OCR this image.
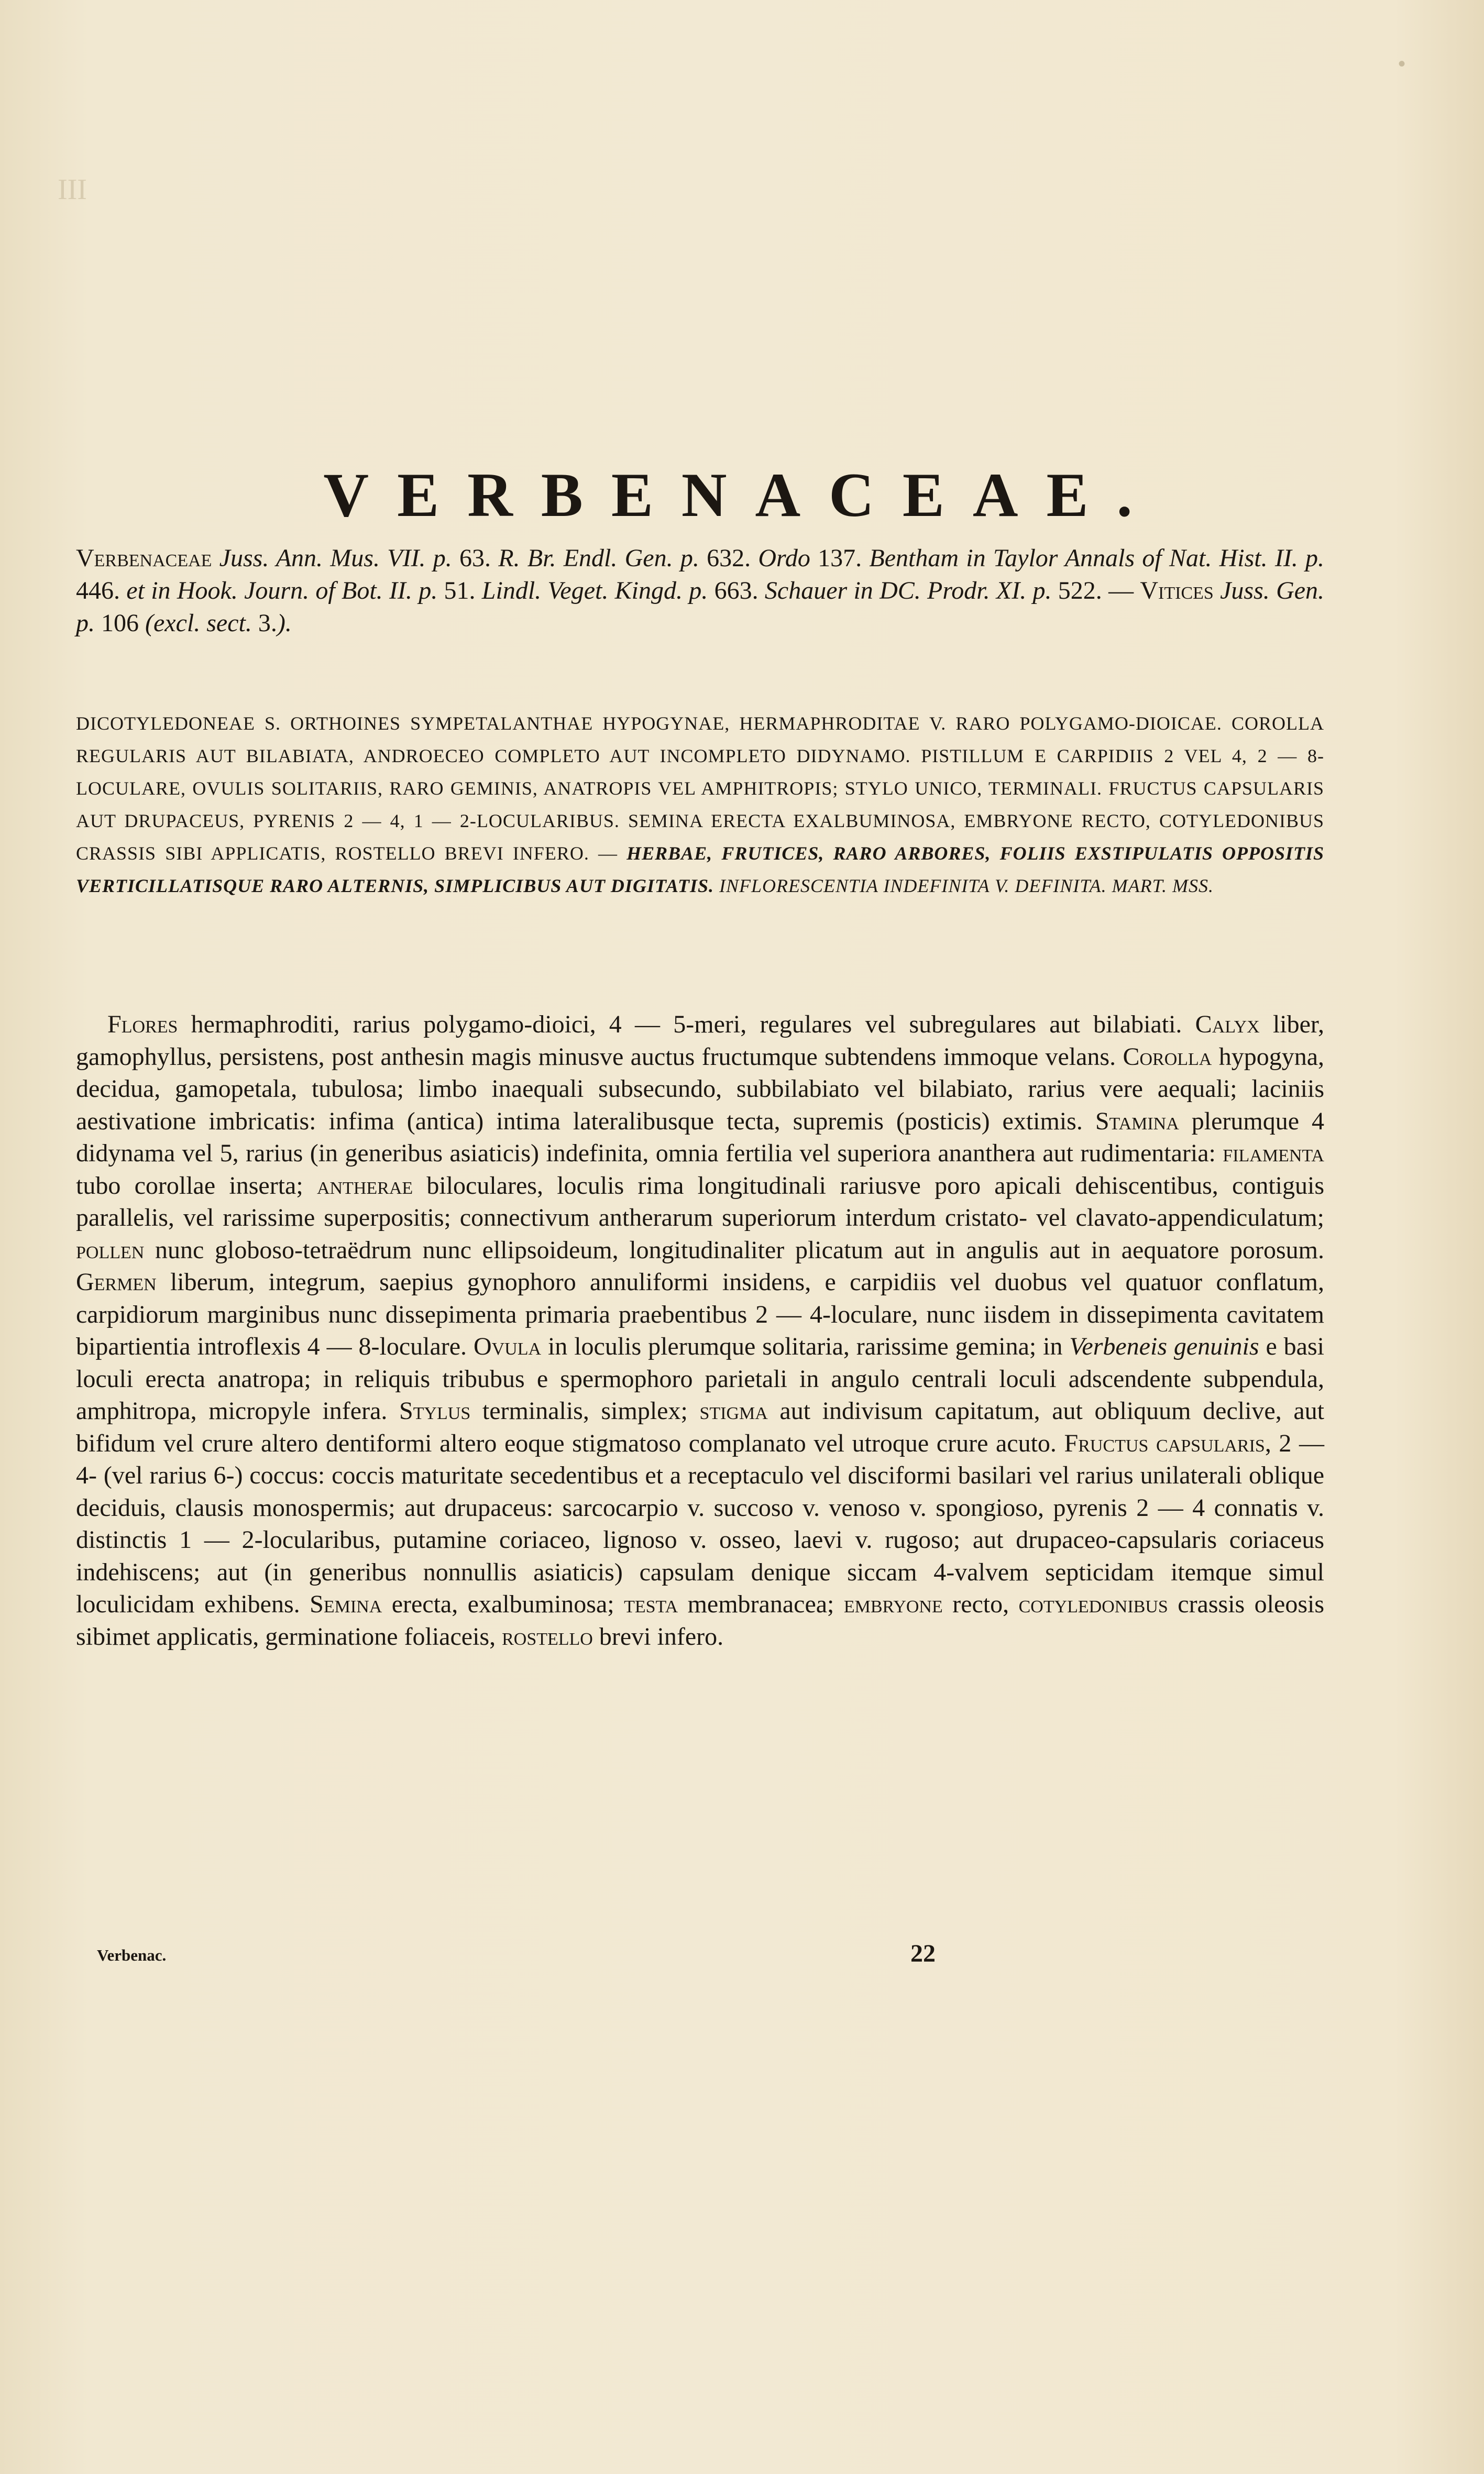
III
•
VERBENACEAE.

Verbenaceae Juss. Ann. Mus. VII. p. 63. R. Br. Endl. Gen. p. 632. Ordo 137. Bentham in Taylor Annals of Nat. Hist. II. p. 446. et in Hook. Journ. of Bot. II. p. 51. Lindl. Veget. Kingd. p. 663. Schauer in DC. Prodr. XI. p. 522. — Vitices Juss. Gen. p. 106 (excl. sect. 3.).

DICOTYLEDONEAE S. ORTHOINES SYMPETALANTHAE HYPOGYNAE, HERMAPHRODITAE V. RARO POLYGAMO-DIOICAE. COROLLA REGULARIS AUT BILABIATA, ANDROECEO COMPLETO AUT INCOMPLETO DIDYNAMO. PISTILLUM E CARPIDIIS 2 VEL 4, 2 — 8-LOCULARE, OVULIS SOLITARIIS, RARO GEMINIS, ANATROPIS VEL AMPHITROPIS; STYLO UNICO, TERMINALI. FRUCTUS CAPSULARIS AUT DRUPACEUS, PYRENIS 2 — 4, 1 — 2-LOCULARIBUS. SEMINA ERECTA EXALBUMINOSA, EMBRYONE RECTO, COTYLEDONIBUS CRASSIS SIBI APPLICATIS, ROSTELLO BREVI INFERO. — HERBAE, FRUTICES, RARO ARBORES, FOLIIS EXSTIPULATIS OPPOSITIS VERTICILLATISQUE RARO ALTERNIS, SIMPLICIBUS AUT DIGITATIS. INFLORESCENTIA INDEFINITA V. DEFINITA. MART. MSS.

Flores hermaphroditi, rarius polygamo-dioici, 4 — 5-meri, regulares vel subregulares aut bilabiati. Calyx liber, gamophyllus, persistens, post anthesin magis minusve auctus fructumque subtendens immoque velans. Corolla hypogyna, decidua, gamopetala, tubulosa; limbo inaequali subsecundo, subbilabiato vel bilabiato, rarius vere aequali; laciniis aestivatione imbricatis: infima (antica) intima lateralibusque tecta, supremis (posticis) extimis. Stamina plerumque 4 didynama vel 5, rarius (in generibus asiaticis) indefinita, omnia fertilia vel superiora anantherа aut rudimentaria: filamenta tubo corollae inserta; antherae biloculares, loculis rima longitudinali rariusve poro apicali dehiscentibus, contiguis parallelis, vel rarissime superpositis; connectivum antherarum superiorum interdum cristato- vel clavato-appendiculatum; pollen nunc globoso-tetraëdrum nunc ellipsoideum, longitudinaliter plicatum aut in angulis aut in aequatore porosum. Germen liberum, integrum, saepius gynophoro annuliformi insidens, e carpidiis vel duobus vel quatuor conflatum, carpidiorum marginibus nunc dissepimenta primaria praebentibus 2 — 4-loculare, nunc iisdem in dissepimenta cavitatem bipartientia introflexis 4 — 8-loculare. Ovula in loculis plerumque solitaria, rarissime gemina; in Verbeneis genuinis e basi loculi erecta anatropa; in reliquis tribubus e spermophoro parietali in angulo centrali loculi adscendente subpendula, amphitropa, micropyle infera. Stylus terminalis, simplex; stigma aut indivisum capitatum, aut obliquum declive, aut bifidum vel crure altero dentiformi altero eoque stigmatoso complanato vel utroque crure acuto. Fructus capsularis, 2 — 4- (vel rarius 6-) coccus: coccis maturitate secedentibus et a receptaculo vel disciformi basilari vel rarius unilaterali oblique deciduis, clausis monospermis; aut drupaceus: sarcocarpio v. succoso v. venoso v. spongioso, pyrenis 2 — 4 connatis v. distinctis 1 — 2-locularibus, putamine coriaceo, lignoso v. osseo, laevi v. rugoso; aut drupaceo-capsularis coriaceus indehiscens; aut (in generibus nonnullis asiaticis) capsulam denique siccam 4-valvem septicidam itemque simul loculicidam exhibens. Semina erecta, exalbuminosa; testa membranacea; embryone recto, cotyledonibus crassis oleosis sibimet applicatis, germinatione foliaceis, rostello brevi infero.

Verbenac.	22
